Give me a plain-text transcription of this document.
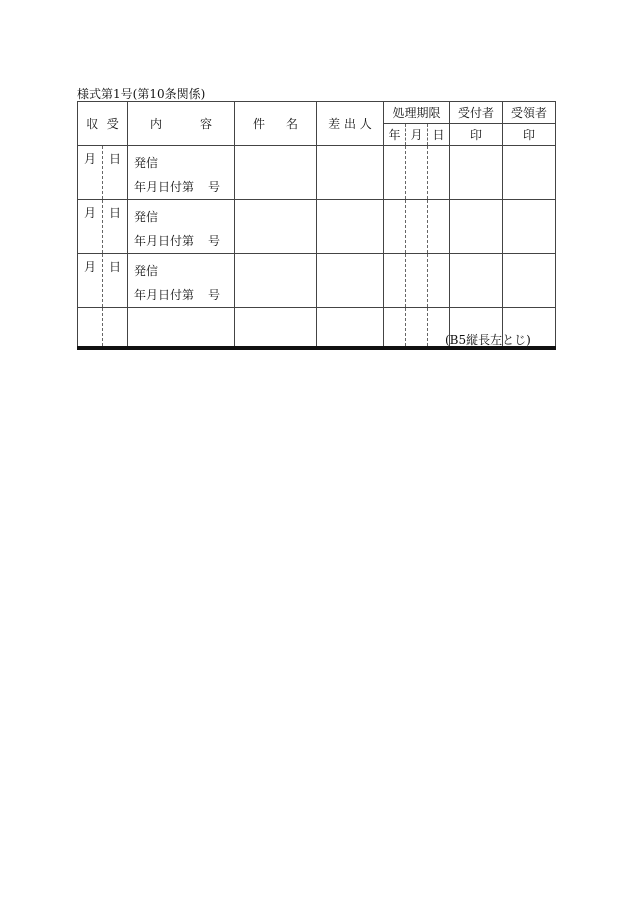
様式第1号(第10条関係)
収 受		内 容	件 名	差 出 人	処理期限			受付者	受領者
					年	月	日	印	印
月	日	発信
年月日付第 号							

月	日	発信
年月日付第 号							

月	日	発信
年月日付第 号							

(B5縦長左とじ)
